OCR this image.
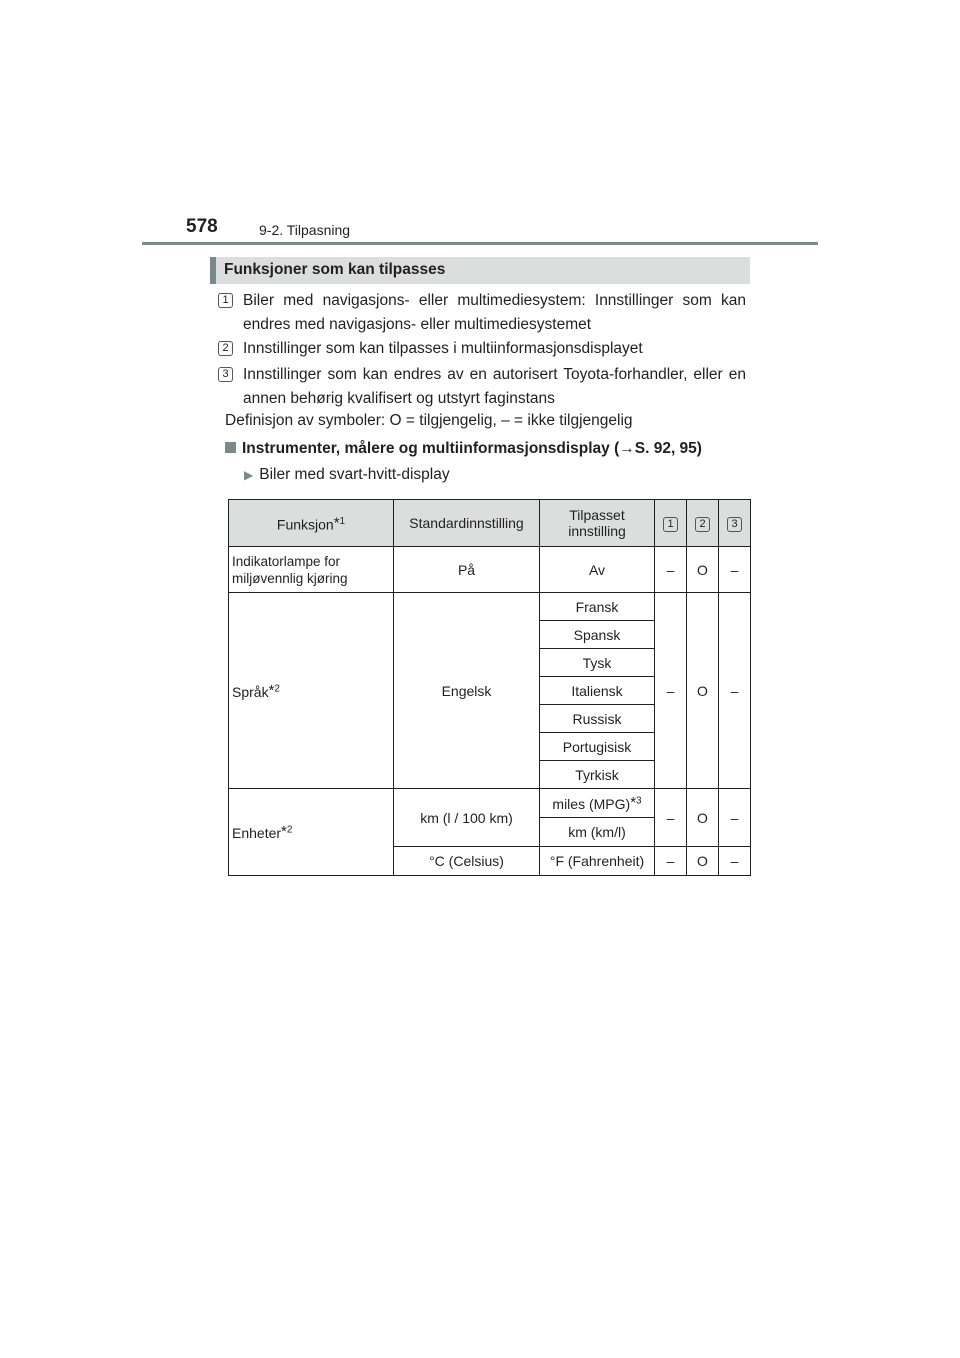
578	9-2. Tilpasning
Funksjoner som kan tilpasses
1 Biler med navigasjons- eller multimediesystem: Innstillinger som kan endres med navigasjons- eller multimediesystemet
2 Innstillinger som kan tilpasses i multiinformasjonsdisplayet
3 Innstillinger som kan endres av en autorisert Toyota-forhandler, eller en annen behørig kvalifisert og utstyrt faginstans
Definisjon av symboler: O = tilgjengelig, – = ikke tilgjengelig
Instrumenter, målere og multiinformasjonsdisplay (→S. 92, 95)
▶ Biler med svart-hvitt-display
Funksjon*$^1$	Standardinnstilling	Tilpasset innstilling	1	2	3
Indikatorlampe for miljøvennlig kjøring	På	Av	–	O	–
Språk*$^2$	Engelsk	Fransk	–	O	–
		Spansk			
		Tysk			
		Italiensk			
		Russisk			
		Portugisisk			
		Tyrkisk			
Enheter*$^2$	km (l / 100 km)	miles (MPG)*$^3$	–	O	–
		km (km/l)			
	°C (Celsius)	°F (Fahrenheit)	–	O	–
